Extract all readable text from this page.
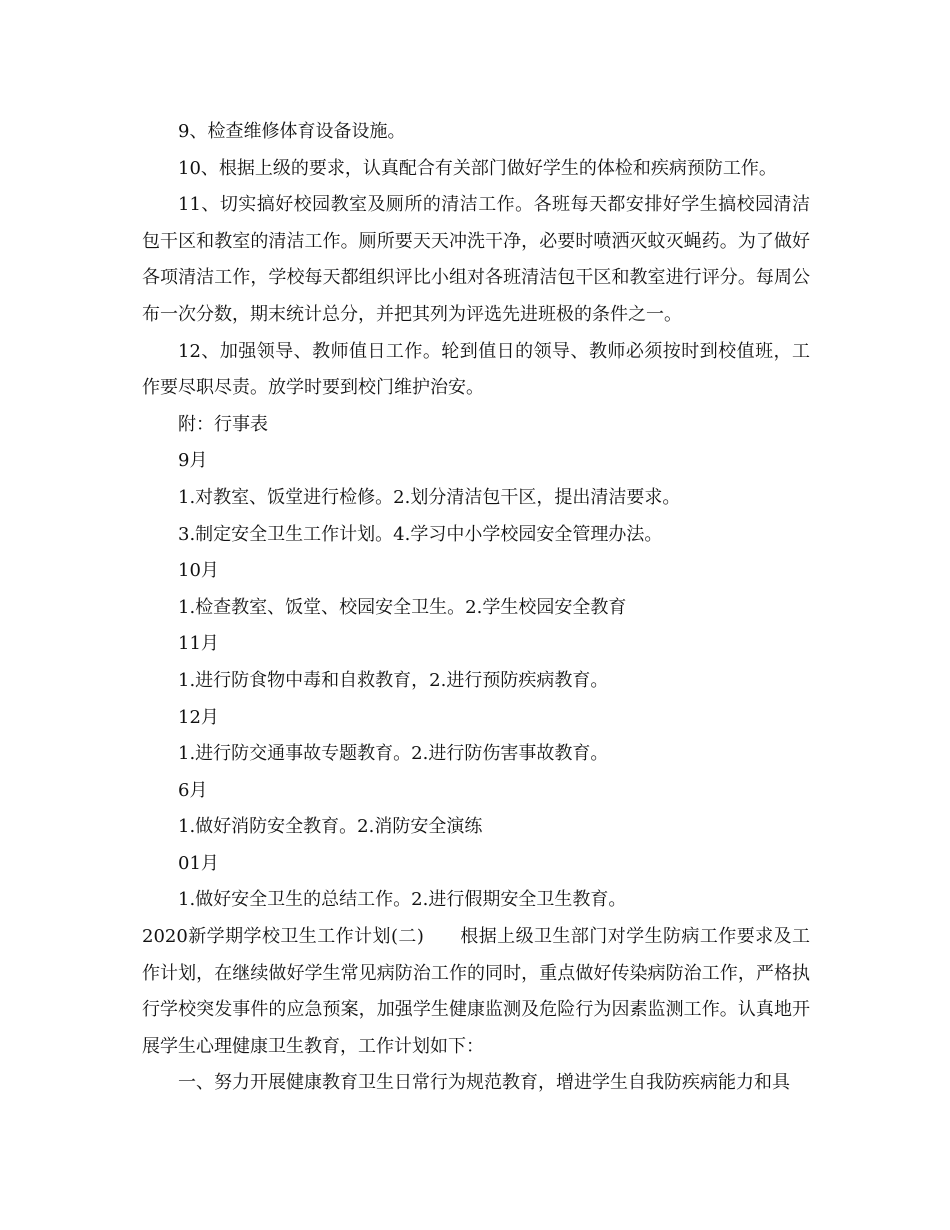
9、检查维修体育设备设施。

10、根据上级的要求，认真配合有关部门做好学生的体检和疾病预防工作。

11、切实搞好校园教室及厕所的清洁工作。各班每天都安排好学生搞校园清洁包干区和教室的清洁工作。厕所要天天冲洗干净，必要时喷洒灭蚊灭蝇药。为了做好各项清洁工作，学校每天都组织评比小组对各班清洁包干区和教室进行评分。每周公布一次分数，期末统计总分，并把其列为评选先进班极的条件之一。

12、加强领导、教师值日工作。轮到值日的领导、教师必须按时到校值班，工作要尽职尽责。放学时要到校门维护治安。

附：行事表

9月

1.对教室、饭堂进行检修。2.划分清洁包干区，提出清洁要求。

3.制定安全卫生工作计划。4.学习中小学校园安全管理办法。

10月

1.检查教室、饭堂、校园安全卫生。2.学生校园安全教育

11月

1.进行防食物中毒和自救教育，2.进行预防疾病教育。

12月

1.进行防交通事故专题教育。2.进行防伤害事故教育。

6月

1.做好消防安全教育。2.消防安全演练

01月

1.做好安全卫生的总结工作。2.进行假期安全卫生教育。

2020新学期学校卫生工作计划(二) 根据上级卫生部门对学生防病工作要求及工作计划，在继续做好学生常见病防治工作的同时，重点做好传染病防治工作，严格执行学校突发事件的应急预案，加强学生健康监测及危险行为因素监测工作。认真地开展学生心理健康卫生教育，工作计划如下：

一、努力开展健康教育卫生日常行为规范教育，增进学生自我防疾病能力和具
